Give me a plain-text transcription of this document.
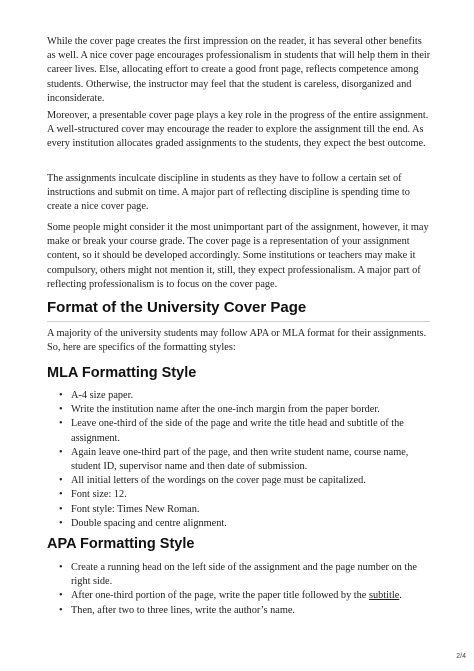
While the cover page creates the first impression on the reader, it has several other benefits as well. A nice cover page encourages professionalism in students that will help them in their career lives. Else, allocating effort to create a good front page, reflects competence among students. Otherwise, the instructor may feel that the student is careless, disorganized and inconsiderate.

Moreover, a presentable cover page plays a key role in the progress of the entire assignment. A well-structured cover may encourage the reader to explore the assignment till the end. As every institution allocates graded assignments to the students, they expect the best outcome.

The assignments inculcate discipline in students as they have to follow a certain set of instructions and submit on time. A major part of reflecting discipline is spending time to create a nice cover page.

Some people might consider it the most unimportant part of the assignment, however, it may make or break your course grade. The cover page is a representation of your assignment content, so it should be developed accordingly. Some institutions or teachers may make it compulsory, others might not mention it, still, they expect professionalism. A major part of reflecting professionalism is to focus on the cover page.

Format of the University Cover Page

A majority of the university students may follow APA or MLA format for their assignments. So, here are specifics of the formatting styles:

MLA Formatting Style
• A-4 size paper.
• Write the institution name after the one-inch margin from the paper border.
• Leave one-third of the side of the page and write the title head and subtitle of the assignment.
• Again leave one-third part of the page, and then write student name, course name, student ID, supervisor name and then date of submission.
• All initial letters of the wordings on the cover page must be capitalized.
• Font size: 12.
• Font style: Times New Roman.
• Double spacing and centre alignment.
APA Formatting Style
• Create a running head on the left side of the assignment and the page number on the right side.
• After one-third portion of the page, write the paper title followed by the subtitle.
• Then, after two to three lines, write the author’s name.
2/4
